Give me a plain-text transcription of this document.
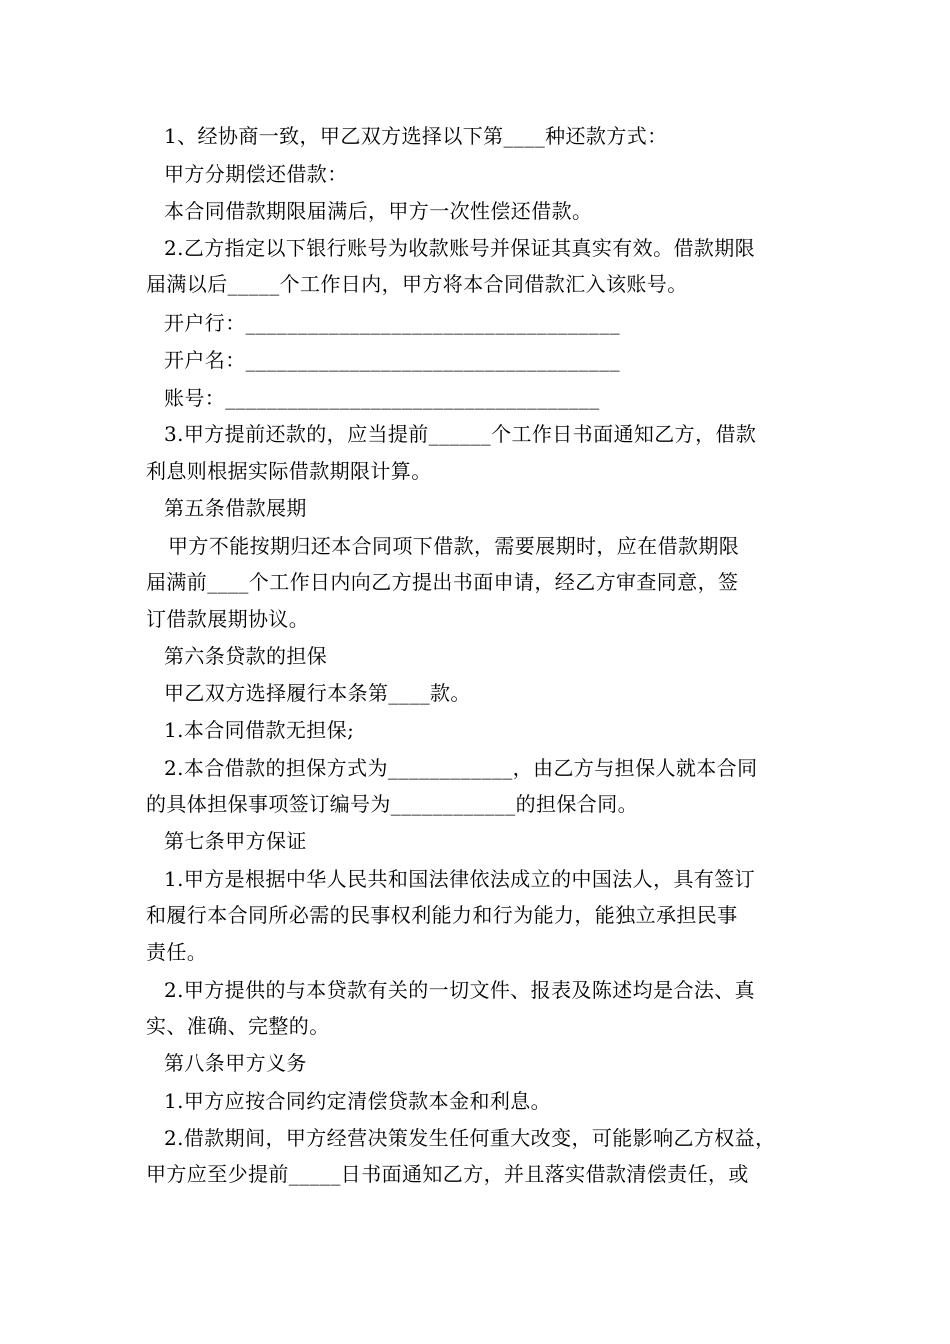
1、经协商一致，甲乙双方选择以下第____种还款方式：
甲方分期偿还借款：
本合同借款期限届满后，甲方一次性偿还借款。
2.乙方指定以下银行账号为收款账号并保证其真实有效。借款期限
届满以后_____个工作日内，甲方将本合同借款汇入该账号。
开户行：____________________________________
开户名：____________________________________
账号：____________________________________
3.甲方提前还款的，应当提前______个工作日书面通知乙方，借款
利息则根据实际借款期限计算。
第五条借款展期
甲方不能按期归还本合同项下借款，需要展期时，应在借款期限
届满前____个工作日内向乙方提出书面申请，经乙方审查同意，签
订借款展期协议。
第六条贷款的担保
甲乙双方选择履行本条第____款。
1.本合同借款无担保;
2.本合借款的担保方式为____________，由乙方与担保人就本合同
的具体担保事项签订编号为____________的担保合同。
第七条甲方保证
1.甲方是根据中华人民共和国法律依法成立的中国法人，具有签订
和履行本合同所必需的民事权利能力和行为能力，能独立承担民事
责任。
2.甲方提供的与本贷款有关的一切文件、报表及陈述均是合法、真
实、准确、完整的。
第八条甲方义务
1.甲方应按合同约定清偿贷款本金和利息。
2.借款期间，甲方经营决策发生任何重大改变，可能影响乙方权益，
甲方应至少提前_____日书面通知乙方，并且落实借款清偿责任，或
